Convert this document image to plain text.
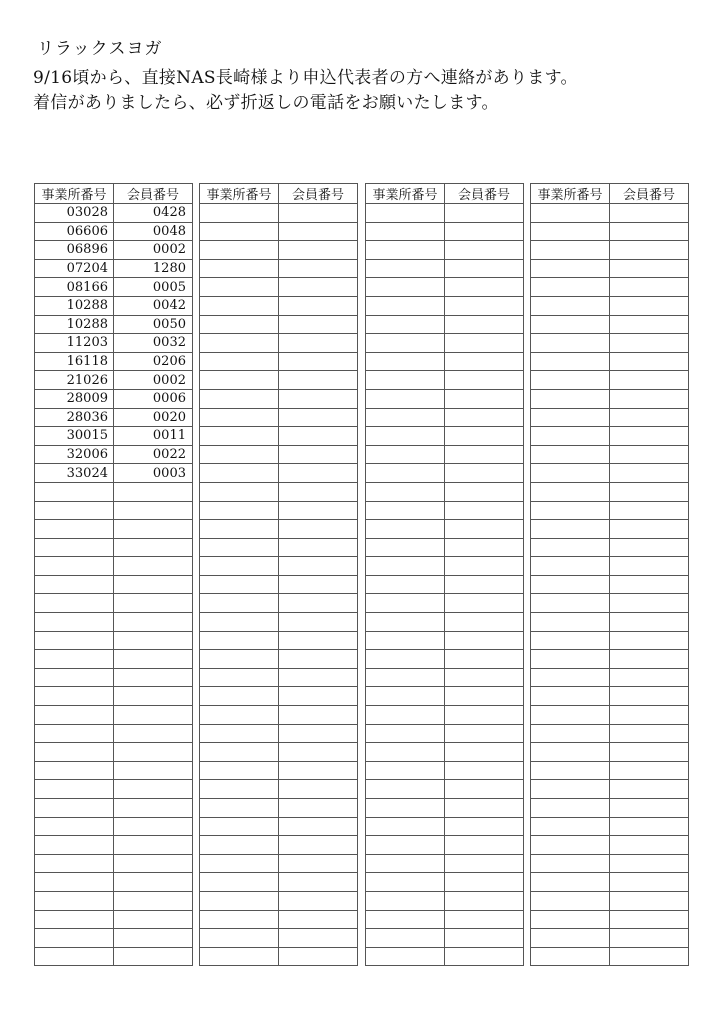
リラックスヨガ
9/16頃から、直接NAS長崎様より申込代表者の方へ連絡があります。
着信がありましたら、必ず折返しの電話をお願いたします。
事業所番号	会員番号
03028	0428
06606	0048
06896	0002
07204	1280
08166	0005
10288	0042
10288	0050
11203	0032
16118	0206
21026	0002
28009	0006
28036	0020
30015	0011
32006	0022
33024	0003

事業所番号	会員番号

	事業所番号	会員番号

	事業所番号	会員番号
